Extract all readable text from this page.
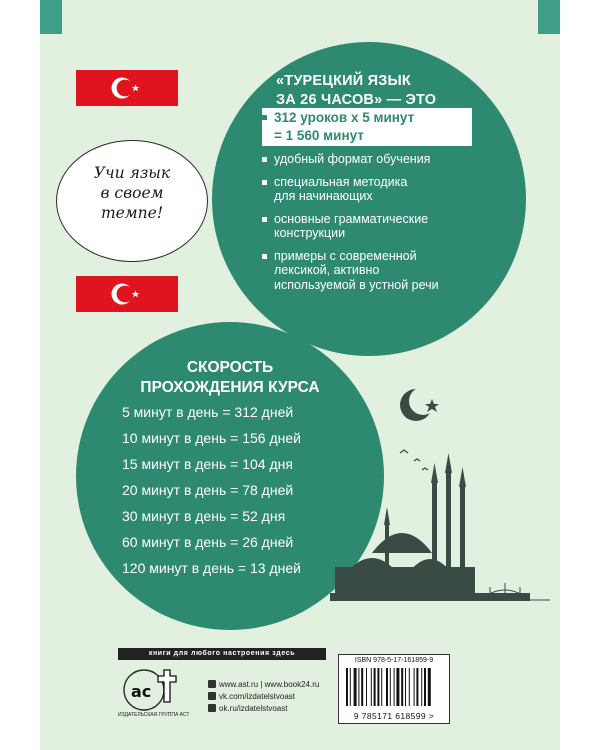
Учи язык
в своем
темпе!
«ТУРЕЦКИЙ ЯЗЫК
ЗА 26 ЧАСОВ» — ЭТО
312 уроков х 5 минут
= 1 560 минут
удобный формат обучения
специальная методика для начинающих
основные грамматические конструкции
примеры с современной лексикой, активно используемой в устной речи
СКОРОСТЬ
ПРОХОЖДЕНИЯ КУРСА
5 минут в день = 312 дней
10 минут в день = 156 дней
15 минут в день = 104 дня
20 минут в день = 78 дней
30 минут в день = 52 дня
60 минут в день = 26 дней
120 минут в день = 13 дней
книги для любого настроения здесь
ac
ИЗДАТЕЛЬСКАЯ ГРУППА АСТ
www.ast.ru | www.book24.ru
vk.com/izdatelstvoast
ok.ru/izdatelstvoast
ISBN 978-5-17-161859-9
9 785171 618599 >
